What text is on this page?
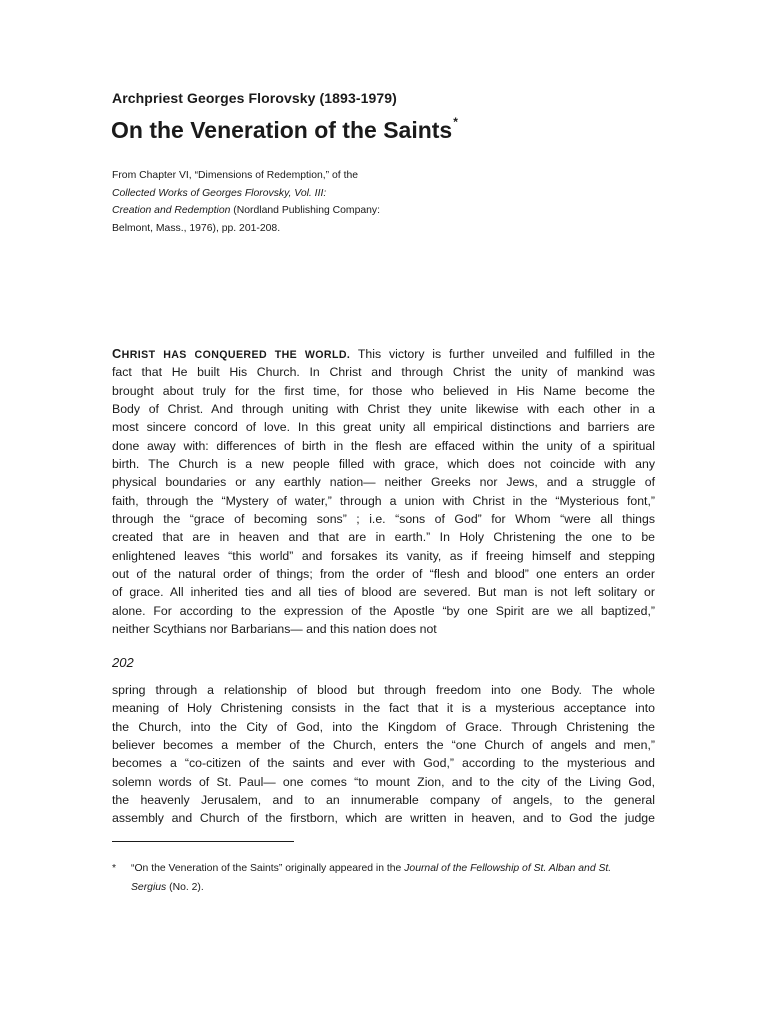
Archpriest Georges Florovsky (1893-1979)
On the Veneration of the Saints*
From Chapter VI, “Dimensions of Redemption,” of the
Collected Works of Georges Florovsky, Vol. III:
Creation and Redemption (Nordland Publishing Company:
Belmont, Mass., 1976), pp. 201-208.
CHRIST HAS CONQUERED THE WORLD. This victory is further unveiled and fulfilled in the
fact that He built His Church. In Christ and through Christ the unity of mankind was
brought about truly for the first time, for those who believed in His Name become the
Body of Christ. And through uniting with Christ they unite likewise with each other in a
most sincere concord of love. In this great unity all empirical distinctions and barriers are
done away with: differences of birth in the flesh are effaced within the unity of a spiritual
birth. The Church is a new people filled with grace, which does not coincide with any
physical boundaries or any earthly nation— neither Greeks nor Jews, and a struggle of
faith, through the “Mystery of water,” through a union with Christ in the “Mysterious font,”
through the “grace of becoming sons” ; i.e. “sons of God” for Whom “were all things
created that are in heaven and that are in earth.” In Holy Christening the one to be
enlightened leaves “this world” and forsakes its vanity, as if freeing himself and stepping
out of the natural order of things; from the order of “flesh and blood” one enters an order
of grace. All inherited ties and all ties of blood are severed. But man is not left solitary or
alone. For according to the expression of the Apostle “by one Spirit are we all baptized,”
neither Scythians nor Barbarians— and this nation does not
202
spring through a relationship of blood but through freedom into one Body. The whole
meaning of Holy Christening consists in the fact that it is a mysterious acceptance into
the Church, into the City of God, into the Kingdom of Grace. Through Christening the
believer becomes a member of the Church, enters the “one Church of angels and men,”
becomes a “co-citizen of the saints and ever with God,” according to the mysterious and
solemn words of St. Paul— one comes “to mount Zion, and to the city of the Living God,
the heavenly Jerusalem, and to an innumerable company of angels, to the general
assembly and Church of the firstborn, which are written in heaven, and to God the judge
* “On the Veneration of the Saints” originally appeared in the Journal of the Fellowship of St. Alban and St.
Sergius (No. 2).
